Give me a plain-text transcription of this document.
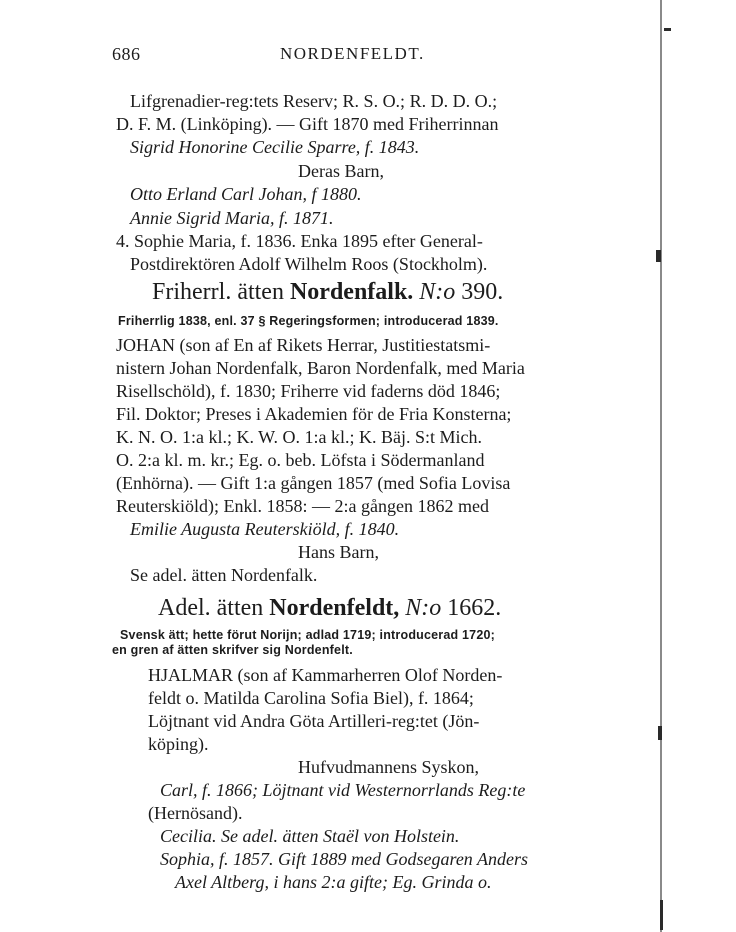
686	NORDENFELDT.
Lifgrenadier-reg:tets Reserv; R. S. O.; R. D. D. O.;
D. F. M. (Linköping). — Gift 1870 med Friherrinnan
Sigrid Honorine Cecilie Sparre, f. 1843.
Deras Barn,
Otto Erland Carl Johan, f 1880.
Annie Sigrid Maria, f. 1871.
4. Sophie Maria, f. 1836. Enka 1895 efter General-
Postdirektören Adolf Wilhelm Roos (Stockholm).
Friherrl. ätten Nordenfalk. N:o 390.
Friherrlig 1838, enl. 37 § Regeringsformen; introducerad 1839.
JOHAN (son af En af Rikets Herrar, Justitiestatsmi-
nistern Johan Nordenfalk, Baron Nordenfalk, med Maria
Risellschöld), f. 1830; Friherre vid faderns död 1846;
Fil. Doktor; Preses i Akademien för de Fria Konsterna;
K. N. O. 1:a kl.; K. W. O. 1:a kl.; K. Bäj. S:t Mich.
O. 2:a kl. m. kr.; Eg. o. beb. Löfsta i Södermanland
(Enhörna). — Gift 1:a gången 1857 (med Sofia Lovisa
Reuterskiöld); Enkl. 1858: — 2:a gången 1862 med
Emilie Augusta Reuterskiöld, f. 1840.
Hans Barn,
Se adel. ätten Nordenfalk.
Adel. ätten Nordenfeldt, N:o 1662.
Svensk ätt; hette förut Norijn; adlad 1719; introducerad 1720;
en gren af ätten skrifver sig Nordenfelt.
HJALMAR (son af Kammarherren Olof Norden-
feldt o. Matilda Carolina Sofia Biel), f. 1864;
Löjtnant vid Andra Göta Artilleri-reg:tet (Jön-
köping).
Hufvudmannens Syskon,
Carl, f. 1866; Löjtnant vid Westernorrlands Reg:te
(Hernösand).
Cecilia. Se adel. ätten Staël von Holstein.
Sophia, f. 1857. Gift 1889 med Godsegaren Anders
Axel Altberg, i hans 2:a gifte; Eg. Grinda o.
